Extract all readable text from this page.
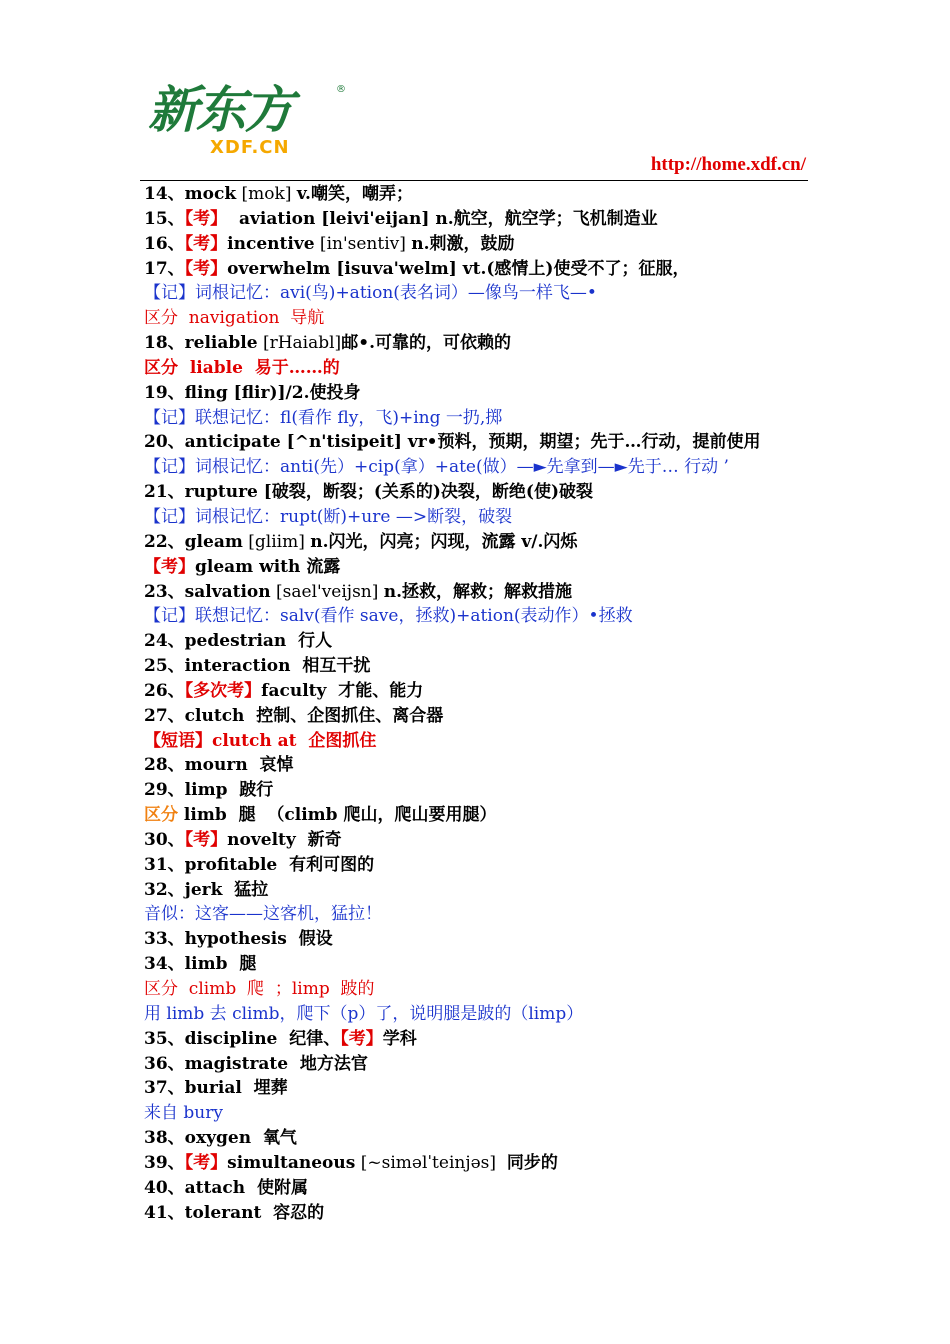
新东方	®
XDF.CN
http://home.xdf.cn/
14、mock [mok] v.嘲笑，嘲弄；
15、【考】  aviation [leivi'eijan] n.航空，航空学；飞机制造业
16、【考】incentive [in'sentiv] n.刺激，鼓励
17、【考】overwhelm [isuva'welm] vt.(感情上)使受不了；征服，
【记】词根记忆：avi(鸟)+ation(表名词）—像鸟一样飞—•
区分  navigation  导航
18、reliable [rHaiabl]邮•.可靠的，可依赖的
区分  liable  易于……的
19、fling [flir)]/2.使投身
【记】联想记忆：fl(看作 fly，飞)+ing 一扔,掷
20、anticipate [^n'tisipeit] vr•预料，预期，期望；先于…行动，提前使用
【记】词根记忆：anti(先）+cip(拿）+ate(做）—►先拿到—►先于… 行动 ’
21、rupture [破裂，断裂；(关系的)决裂，断绝(使)破裂
【记】词根记忆：rupt(断)+ure —>断裂，破裂
22、gleam [gliim] n.闪光，闪亮；闪现，流露 v/.闪烁
【考】gleam with 流露
23、salvation [sael'veijsn] n.拯救，解救；解救措施
【记】联想记忆：salv(看作 save，拯救)+ation(表动作）•拯救
24、pedestrian  行人
25、interaction  相互干扰
26、【多次考】faculty  才能、能力
27、clutch  控制、企图抓住、离合器
【短语】clutch at  企图抓住
28、mourn  哀悼
29、limp  跛行
区分 limb  腿  （climb 爬山，爬山要用腿）
30、【考】novelty  新奇
31、profitable  有利可图的
32、jerk  猛拉
音似：这客——这客机，猛拉！
33、hypothesis  假设
34、limb  腿
区分  climb  爬  ；limp  跛的
用 limb 去 climb，爬下（p）了，说明腿是跛的（limp）
35、discipline  纪律、【考】学科
36、magistrate  地方法官
37、burial  埋葬
来自 bury
38、oxygen  氧气
39、【考】simultaneous [~siməlˈteinjəs]  同步的
40、attach  使附属
41、tolerant  容忍的
